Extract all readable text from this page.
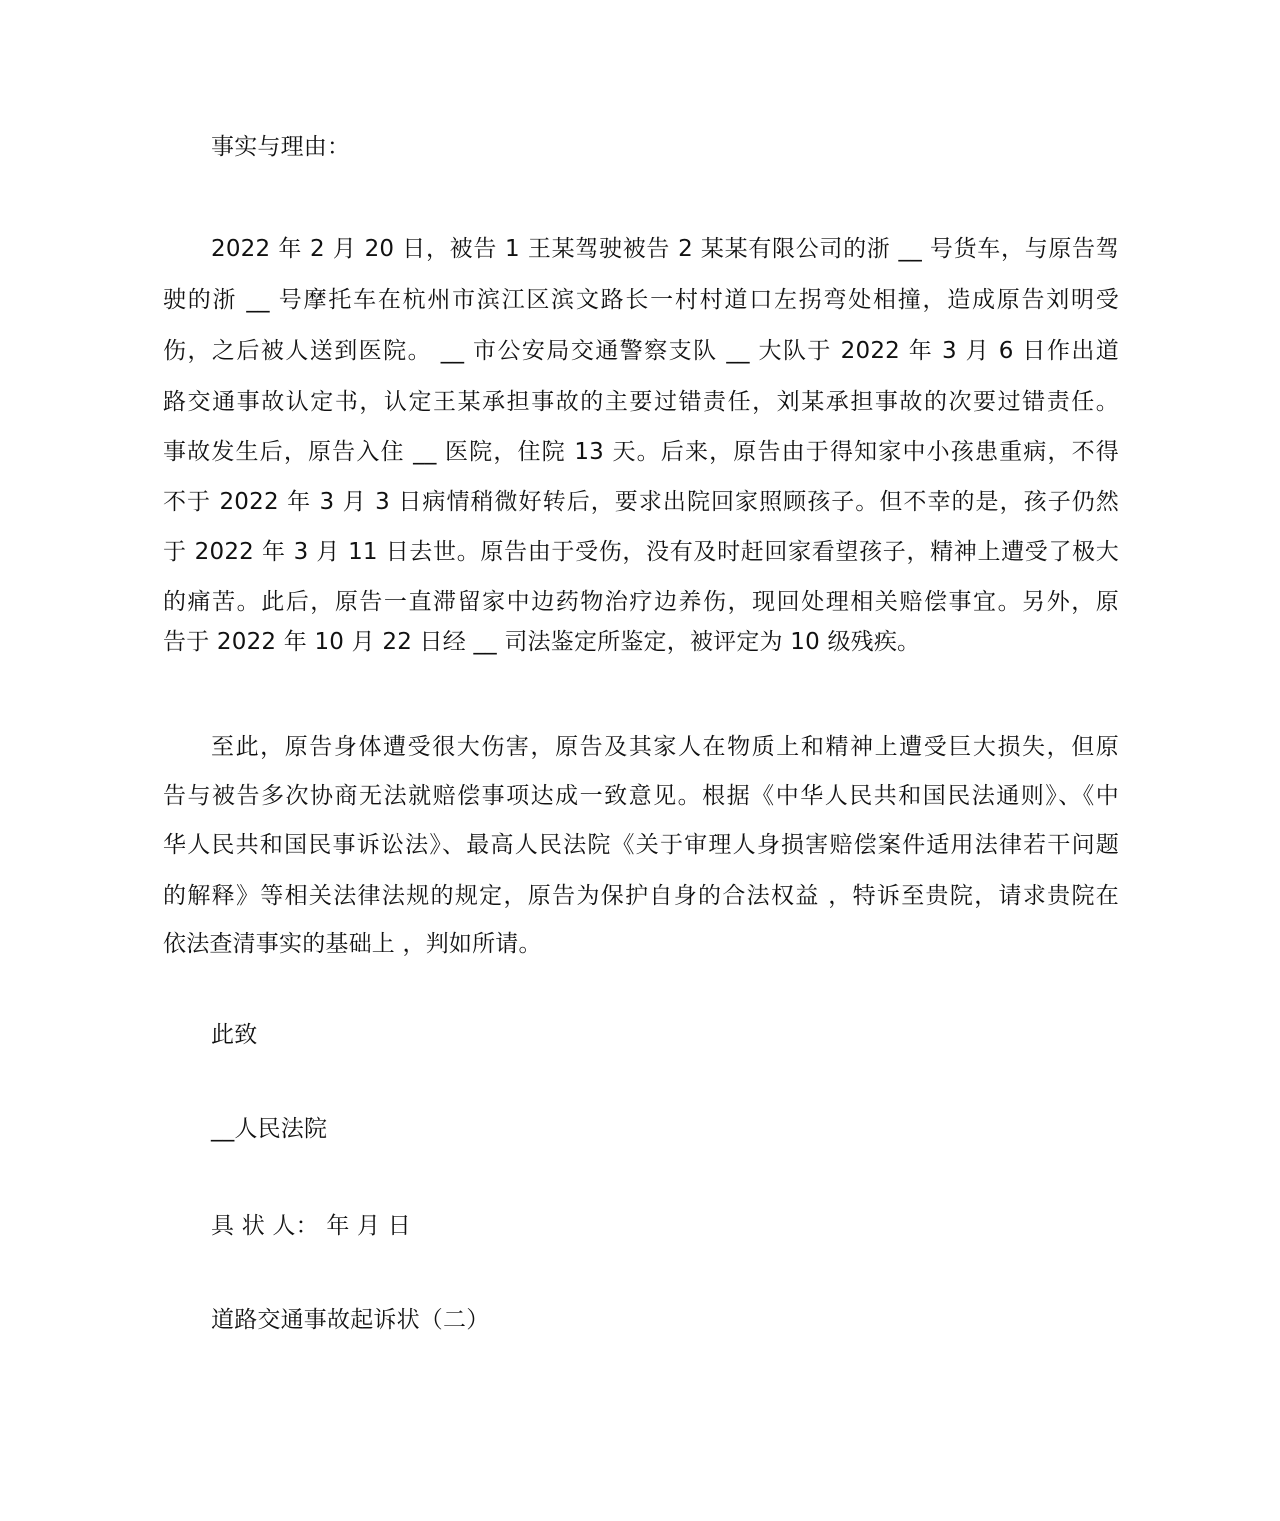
事实与理由：
2022 年 2 月 20 日，被告 1 王某驾驶被告 2 某某有限公司的浙 __ 号货车，与原告驾
驶的浙 __ 号摩托车在杭州市滨江区滨文路长一村村道口左拐弯处相撞，造成原告刘明受
伤，之后被人送到医院。 __ 市公安局交通警察支队 __ 大队于 2022 年 3 月 6 日作出道
路交通事故认定书，认定王某承担事故的主要过错责任，刘某承担事故的次要过错责任。
事故发生后，原告入住 __ 医院，住院 13 天。后来，原告由于得知家中小孩患重病，不得
不于 2022 年 3 月 3 日病情稍微好转后，要求出院回家照顾孩子。但不幸的是，孩子仍然
于 2022 年 3 月 11 日去世。原告由于受伤，没有及时赶回家看望孩子，精神上遭受了极大
的痛苦。此后，原告一直滞留家中边药物治疗边养伤，现回处理相关赔偿事宜。另外，原
告于 2022 年 10 月 22 日经 __ 司法鉴定所鉴定，被评定为 10 级残疾。
至此，原告身体遭受很大伤害，原告及其家人在物质上和精神上遭受巨大损失，但原
告与被告多次协商无法就赔偿事项达成一致意见。根据《中华人民共和国民法通则》、《中
华人民共和国民事诉讼法》、最高人民法院《关于审理人身损害赔偿案件适用法律若干问题
的解释》等相关法律法规的规定，原告为保护自身的合法权益 ，特诉至贵院，请求贵院在
依法查清事实的基础上 ，判如所请。
此致
__人民法院
具 状 人： 年 月 日
道路交通事故起诉状（二）
